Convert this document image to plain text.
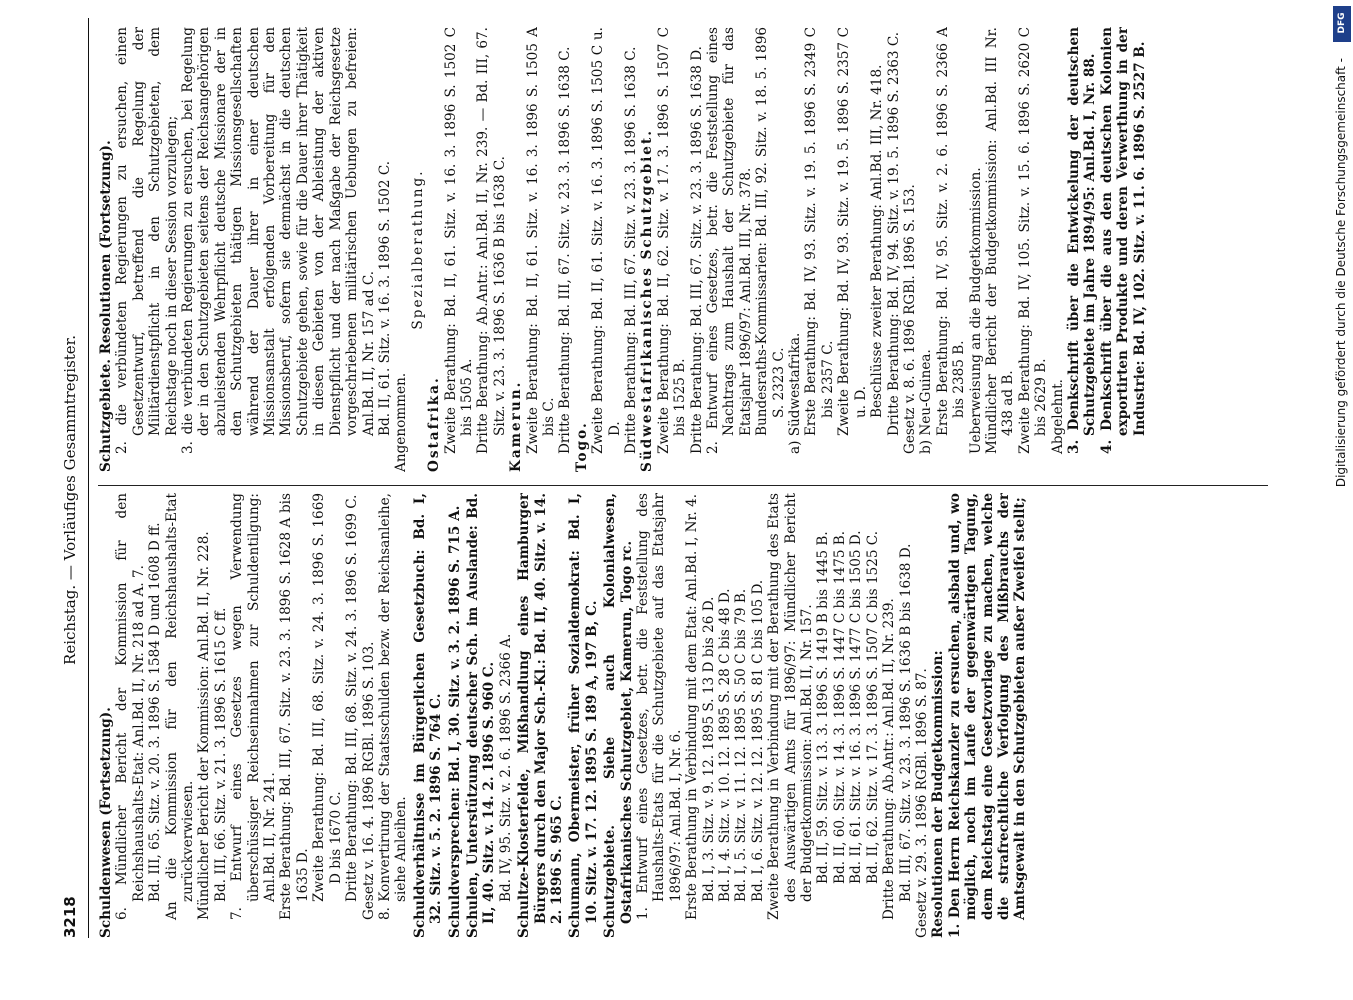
3218
Reichstag. — Vorläufiges Gesammtregister.

Schuldenwesen (Fortsetzung). 6. Mündlicher Bericht der Kommission für den Reichshaushalts-Etat: Anl.Bd. II, Nr. 218 ad A. 7. Bd. III, 65. Sitz. v. 20. 3. 1896 S. 1584 D und 1608 D ff. An die Kommission für den Reichshaushalts-Etat zurückverwiesen. Mündlicher Bericht der Kommission: Anl.Bd. II, Nr. 228. Bd. III, 66. Sitz. v. 21. 3. 1896 S. 1615 C ff. 7. Entwurf eines Gesetzes wegen Verwendung überschüssiger Reichseinnahmen zur Schuldentilgung: Anl.Bd. II, Nr. 241. Erste Berathung: Bd. III, 67. Sitz. v. 23. 3. 1896 S. 1628 A bis 1635 D. Zweite Berathung: Bd. III, 68. Sitz. v. 24. 3. 1896 S. 1669 D bis 1670 C. Dritte Berathung: Bd. III, 68. Sitz. v. 24. 3. 1896 S. 1699 C. Gesetz v. 16. 4. 1896 RGBl. 1896 S. 103. 8. Konvertirung der Staatsschulden bezw. der Reichsanleihe, siehe Anleihen. Schuldverhältnisse im Bürgerlichen Gesetzbuch: Bd. I, 32. Sitz. v. 5. 2. 1896 S. 764 C. Schuldversprechen: Bd. I, 30. Sitz. v. 3. 2. 1896 S. 715 A. Schulen, Unterstützung deutscher Sch. im Auslande: Bd. II, 40. Sitz. v. 14. 2. 1896 S. 960 C. Bd. IV, 95. Sitz. v. 2. 6. 1896 S. 2366 A. Schultze-Klosterfelde, Mißhandlung eines Hamburger Bürgers durch den Major Sch.-Kl.: Bd. II, 40. Sitz. v. 14. 2. 1896 S. 965 C. Schumann, Obermeister, früher Sozialdemokrat: Bd. I, 10. Sitz. v. 17. 12. 1895 S. 189 A, 197 B, C. Schutzgebiete. Siehe auch Kolonialwesen, Ostafrikanisches Schutzgebiet, Kamerun, Togo rc. 1. Entwurf eines Gesetzes, betr. die Feststellung des Haushalts-Etats für die Schutzgebiete auf das Etatsjahr 1896/97: Anl.Bd. I, Nr. 6. Erste Berathung in Verbindung mit dem Etat: Anl.Bd. I, Nr. 4. Bd. I, 3. Sitz. v. 9. 12. 1895 S. 13 D bis 26 D. Bd. I, 4. Sitz. v. 10. 12. 1895 S. 28 C bis 48 D. Bd. I, 5. Sitz. v. 11. 12. 1895 S. 50 C bis 79 B. Bd. I, 6. Sitz. v. 12. 12. 1895 S. 81 C bis 105 D. Zweite Berathung in Verbindung mit der Berathung des Etats des Auswärtigen Amts für 1896/97: Mündlicher Bericht der Budgetkommission: Anl.Bd. II, Nr. 157. Bd. II, 59. Sitz. v. 13. 3. 1896 S. 1419 B bis 1445 B. Bd. II, 60. Sitz. v. 14. 3. 1896 S. 1447 C bis 1475 B. Bd. II, 61. Sitz. v. 16. 3. 1896 S. 1477 C bis 1505 D. Bd. II, 62. Sitz. v. 17. 3. 1896 S. 1507 C bis 1525 C. Dritte Berathung: Ab.Antr.: Anl.Bd. II, Nr. 239. Bd. III, 67. Sitz. v. 23. 3. 1896 S. 1636 B bis 1638 D. Gesetz v. 29. 3. 1896 RGBl. 1896 S. 87. Resolutionen der Budgetkommission: 1. Den Herrn Reichskanzler zu ersuchen, alsbald und, wo möglich, noch im Laufe der gegenwärtigen Tagung, dem Reichstag eine Gesetzvorlage zu machen, welche die strafrechtliche Verfolgung des Mißbrauchs der Amtsgewalt in den Schutzgebieten außer Zweifel stellt;

Schutzgebiete. Resolutionen (Fortsetzung). 2. die verbündeten Regierungen zu ersuchen, einen Gesetzentwurf, betreffend die Regelung der Militärdienstpflicht in den Schutzgebieten, dem Reichstage noch in dieser Session vorzulegen; 3. die verbündeten Regierungen zu ersuchen, bei Regelung der in den Schutzgebieten seitens der Reichsangehörigen abzuleistenden Wehrpflicht deutsche Missionare der in den Schutzgebieten thätigen Missionsgesellschaften während der Dauer ihrer in einer deutschen Missionsanstalt erfolgenden Vorbereitung für den Missionsberuf, sofern sie demnächst in die deutschen Schutzgebiete gehen, sowie für die Dauer ihrer Thätigkeit in diesen Gebieten von der Ableistung der aktiven Dienstpflicht und der nach Maßgabe der Reichsgesetze vorgeschriebenen militärischen Uebungen zu befreien: Anl.Bd. II, Nr. 157 ad C. Bd. II, 61. Sitz. v. 16. 3. 1896 S. 1502 C. Angenommen.

Spezialberathung.

Ostafrika. Zweite Berathung: Bd. II, 61. Sitz. v. 16. 3. 1896 S. 1502 C bis 1505 A. Dritte Berathung: Ab.Antr.: Anl.Bd. II, Nr. 239. — Bd. III, 67. Sitz. v. 23. 3. 1896 S. 1636 B bis 1638 C. Kamerun. Zweite Berathung: Bd. II, 61. Sitz. v. 16. 3. 1896 S. 1505 A bis C. Dritte Berathung: Bd. III, 67. Sitz. v. 23. 3. 1896 S. 1638 C. Togo. Zweite Berathung: Bd. II, 61. Sitz. v. 16. 3. 1896 S. 1505 C u. D. Dritte Berathung: Bd. III, 67. Sitz. v. 23. 3. 1896 S. 1638 C. Südwestafrikanisches Schutzgebiet. Zweite Berathung: Bd. II, 62. Sitz. v. 17. 3. 1896 S. 1507 C bis 1525 B. Dritte Berathung: Bd. III, 67. Sitz. v. 23. 3. 1896 S. 1638 D. 2. Entwurf eines Gesetzes, betr. die Feststellung eines Nachtrags zum Haushalt der Schutzgebiete für das Etatsjahr 1896/97: Anl.Bd. III, Nr. 378. Bundesraths-Kommissarien: Bd. III, 92. Sitz. v. 18. 5. 1896 S. 2323 C. a) Südwestafrika. Erste Berathung: Bd. IV, 93. Sitz. v. 19. 5. 1896 S. 2349 C bis 2357 C. Zweite Berathung: Bd. IV, 93. Sitz. v. 19. 5. 1896 S. 2357 C u. D. Beschlüsse zweiter Berathung: Anl.Bd. III, Nr. 418. Dritte Berathung: Bd. IV, 94. Sitz. v. 19. 5. 1896 S. 2363 C. Gesetz v. 8. 6. 1896 RGBl. 1896 S. 153. b) Neu-Guinea. Erste Berathung: Bd. IV, 95. Sitz. v. 2. 6. 1896 S. 2366 A bis 2385 B. Ueberweisung an die Budgetkommission. Mündlicher Bericht der Budgetkommission: Anl.Bd. III Nr. 438 ad B. Zweite Berathung: Bd. IV, 105. Sitz. v. 15. 6. 1896 S. 2620 C bis 2629 B. Abgelehnt. 3. Denkschrift über die Entwickelung der deutschen Schutzgebiete im Jahre 1894/95: Anl.Bd. I, Nr. 88. 4. Denkschrift über die aus den deutschen Kolonien exportirten Produkte und deren Verwerthung in der Industrie: Bd. IV, 102. Sitz. v. 11. 6. 1896 S. 2527 B.	Digitalisierung gefördert durch die Deutsche Forschungsgemeinschaft -
DFG
